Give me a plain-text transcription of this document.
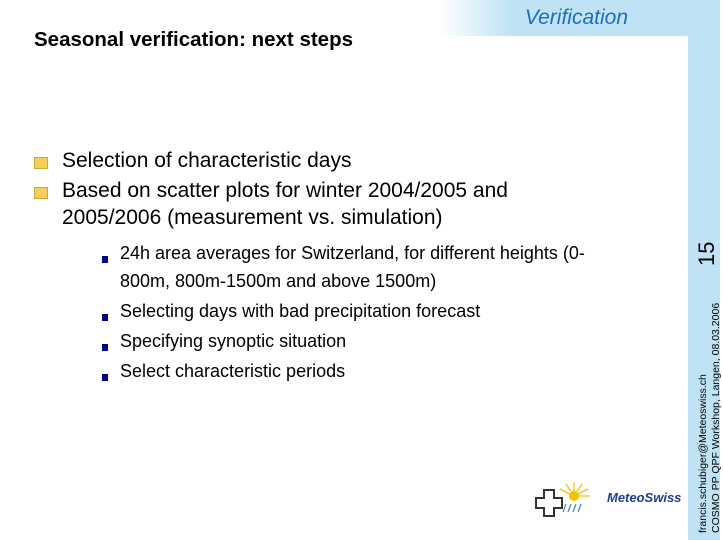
Verification
Seasonal verification: next steps
francis.schubiger@Meteoswiss.ch COSMO PP QPF Workshop, Langen, 08.03.2006
15
Selection of characteristic days
Based on scatter plots for winter 2004/2005 and
2005/2006 (measurement vs. simulation)
24h area averages for Switzerland, for different heights (0-
800m, 800m-1500m and above 1500m)
Selecting days with bad precipitation forecast
Specifying synoptic situation
Select characteristic periods
MeteoSwiss
